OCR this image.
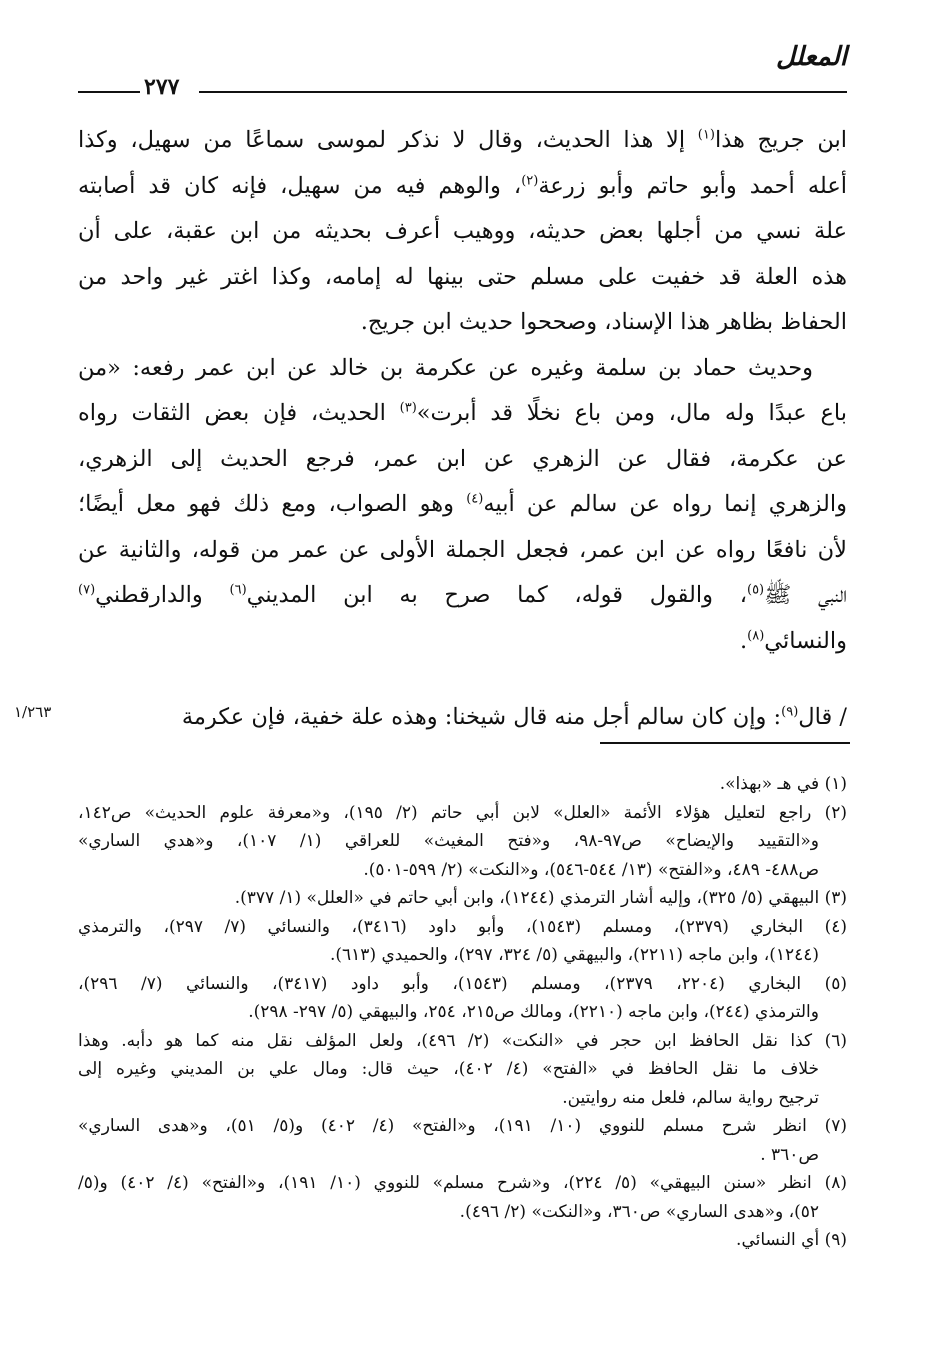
المعلل
٢٧٧
ابن جريج هذا$^{(١)}$ إلا هذا الحديث، وقال لا نذكر لموسى سماعًا من سهيل، وكذا
أعله أحمد وأبو حاتم وأبو زرعة$^{(٢)}$، والوهم فيه من سهيل، فإنه كان قد أصابته
علة نسي من أجلها بعض حديثه، ووهيب أعرف بحديثه من ابن عقبة، على أن
هذه العلة قد خفيت على مسلم حتى بينها له إمامه، وكذا اغتر غير واحد من
الحفاظ بظاهر هذا الإسناد، وصححوا حديث ابن جريج.
وحديث حماد بن سلمة وغيره عن عكرمة بن خالد عن ابن عمر رفعه: «من
باع عبدًا وله مال، ومن باع نخلًا قد أبرت»$^{(٣)}$ الحديث، فإن بعض الثقات رواه
عن عكرمة، فقال عن الزهري عن ابن عمر، فرجع الحديث إلى الزهري،
والزهري إنما رواه عن سالم عن أبيه$^{(٤)}$ وهو الصواب، ومع ذلك فهو معل أيضًا؛
لأن نافعًا رواه عن ابن عمر، فجعل الجملة الأولى عن عمر من قوله، والثانية عن
النبي ﷺ$^{(٥)}$، والقول قوله، كما صرح به ابن المديني$^{(٦)}$ والدارقطني$^{(٧)}$
والنسائي$^{(٨)}$.
/ قال$^{(٩)}$: وإن كان سالم أجل منه قال شيخنا: وهذه علة خفية، فإن عكرمة
١/٢٦٣
(١) في هـ «بهذا».
(٢) راجع لتعليل هؤلاء الأئمة «العلل» لابن أبي حاتم (٢/ ١٩٥)، و«معرفة علوم الحديث» ص١٤٢،
و«التقييد والإيضاح» ص٩٧-٩٨، و«فتح المغيث» للعراقي (١/ ١٠٧)، و«هدي الساري»
ص٤٨٨- ٤٨٩، و«الفتح» (١٣/ ٥٤٤-٥٤٦)، و«النكت» (٢/ ٥٩٩-٥٠١).
(٣) البيهقي (٥/ ٣٢٥)، وإليه أشار الترمذي (١٢٤٤)، وابن أبي حاتم في «العلل» (١/ ٣٧٧).
(٤) البخاري (٢٣٧٩)، ومسلم (١٥٤٣)، وأبو داود (٣٤١٦)، والنسائي (٧/ ٢٩٧)، والترمذي
(١٢٤٤)، وابن ماجه (٢٢١١)، والبيهقي (٥/ ٣٢٤، ٢٩٧)، والحميدي (٦١٣).
(٥) البخاري (٢٢٠٤، ٢٣٧٩)، ومسلم (١٥٤٣)، وأبو داود (٣٤١٧)، والنسائي (٧/ ٢٩٦)،
والترمذي (٢٤٤)، وابن ماجه (٢٢١٠)، ومالك ص٢١٥، ٢٥٤، والبيهقي (٥/ ٢٩٧- ٢٩٨).
(٦) كذا نقل الحافظ ابن حجر في «النكت» (٢/ ٤٩٦)، ولعل المؤلف نقل منه كما هو دأبه. وهذا
خلاف ما نقل الحافظ في «الفتح» (٤/ ٤٠٢)، حيث قال: ومال علي بن المديني وغيره إلى
ترجيح رواية سالم، فلعل منه روايتين.
(٧) انظر شرح مسلم للنووي (١٠/ ١٩١)، و«الفتح» (٤/ ٤٠٢) و(٥/ ٥١)، و«هدى الساري»
ص٣٦٠ .
(٨) انظر «سنن البيهقي» (٥/ ٢٢٤)، و«شرح مسلم» للنووي (١٠/ ١٩١)، و«الفتح» (٤/ ٤٠٢) و(٥/
٥٢)، و«هدى الساري» ص٣٦٠، و«النكت» (٢/ ٤٩٦).
(٩) أي النسائي.
